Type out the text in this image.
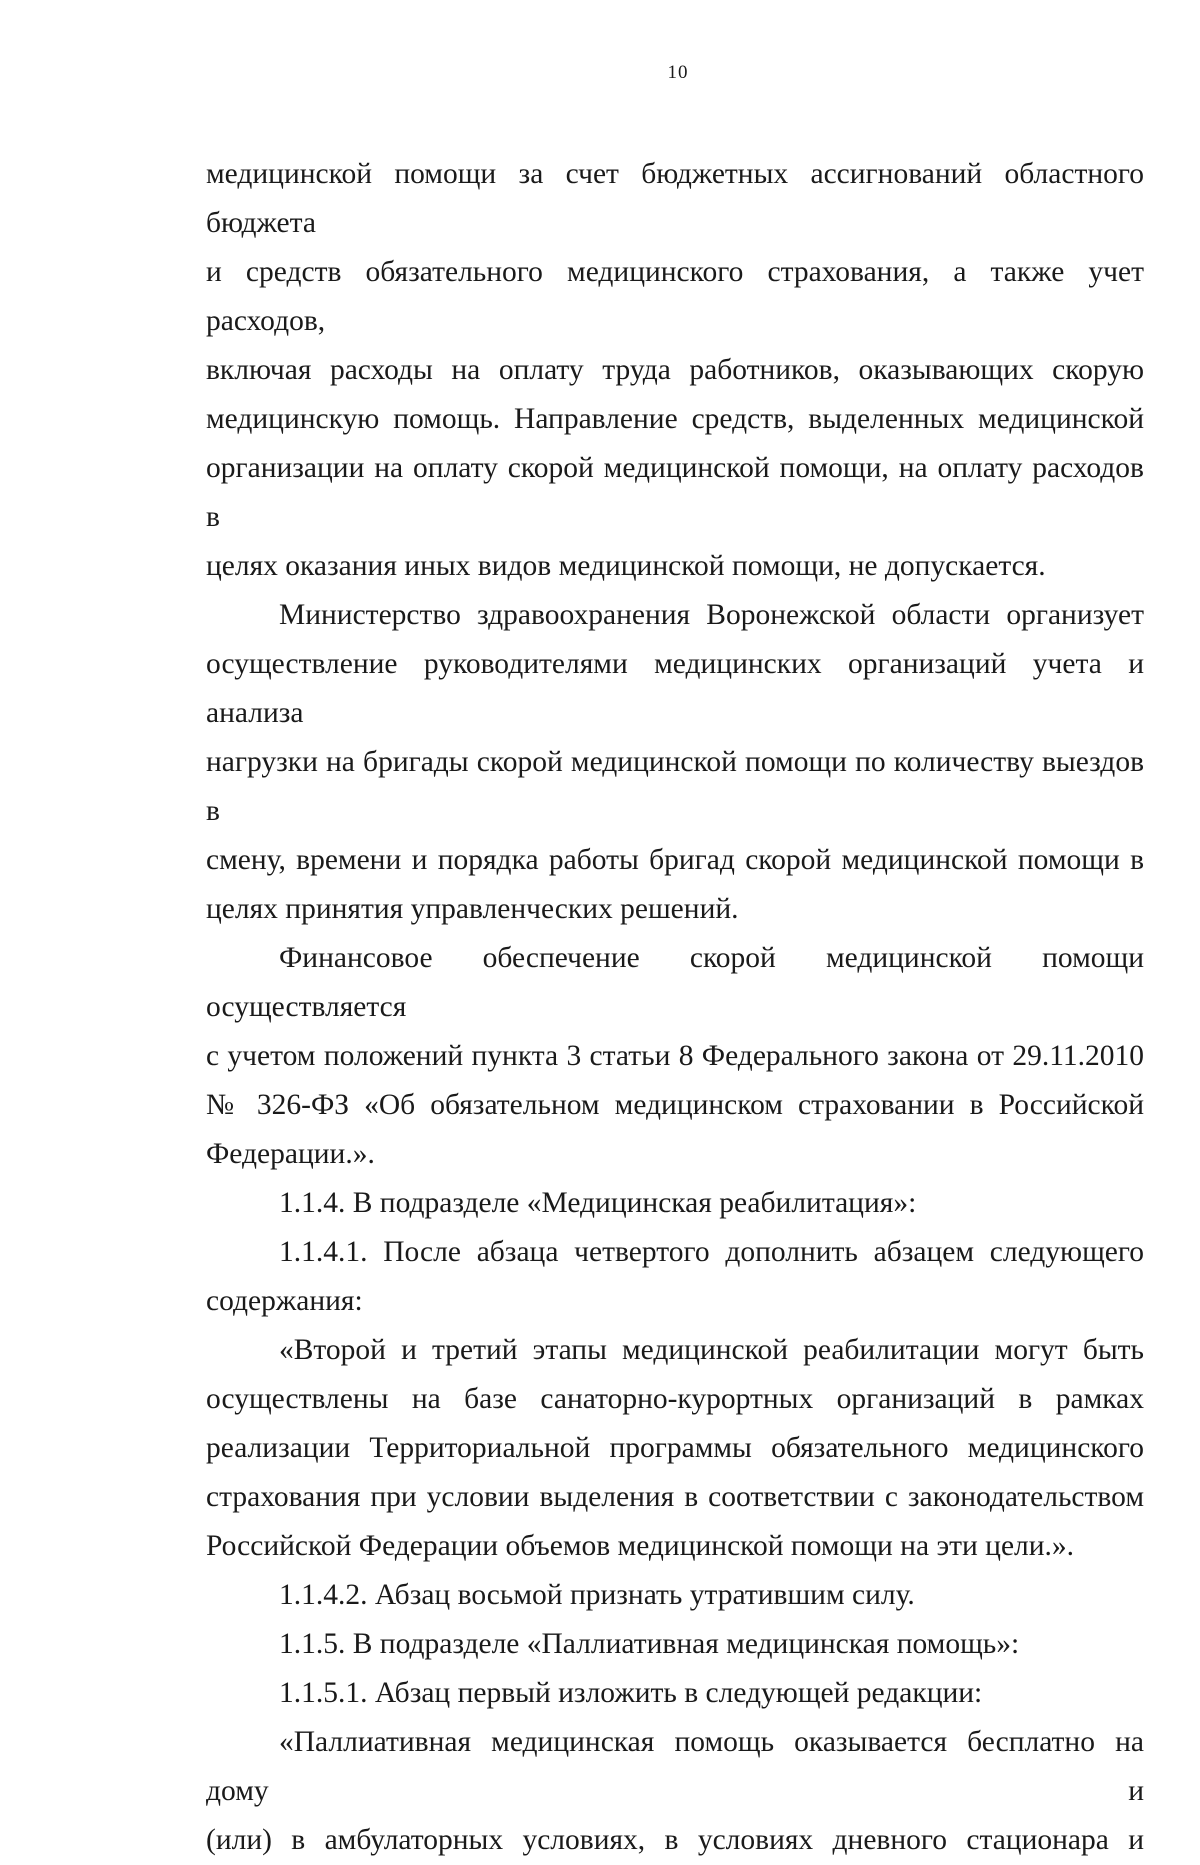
10
медицинской помощи за счет бюджетных ассигнований областного бюджета
и средств обязательного медицинского страхования, а также учет расходов,
включая расходы на оплату труда работников, оказывающих скорую
медицинскую помощь. Направление средств, выделенных медицинской
организации на оплату скорой медицинской помощи, на оплату расходов в
целях оказания иных видов медицинской помощи, не допускается.
Министерство здравоохранения Воронежской области организует
осуществление руководителями медицинских организаций учета и анализа
нагрузки на бригады скорой медицинской помощи по количеству выездов в
смену, времени и порядка работы бригад скорой медицинской помощи в
целях принятия управленческих решений.
Финансовое обеспечение скорой медицинской помощи осуществляется
с учетом положений пункта 3 статьи 8 Федерального закона от 29.11.2010
№ 326-ФЗ «Об обязательном медицинском страховании в Российской
Федерации.».
1.1.4. В подразделе «Медицинская реабилитация»:
1.1.4.1. После абзаца четвертого дополнить абзацем следующего
содержания:
«Второй и третий этапы медицинской реабилитации могут быть
осуществлены на базе санаторно-курортных организаций в рамках
реализации Территориальной программы обязательного медицинского
страхования при условии выделения в соответствии с законодательством
Российской Федерации объемов медицинской помощи на эти цели.».
1.1.4.2. Абзац восьмой признать утратившим силу.
1.1.5. В подразделе «Паллиативная медицинская помощь»:
1.1.5.1. Абзац первый изложить в следующей редакции:
«Паллиативная медицинская помощь оказывается бесплатно на дому и
(или) в амбулаторных условиях, в условиях дневного стационара и
